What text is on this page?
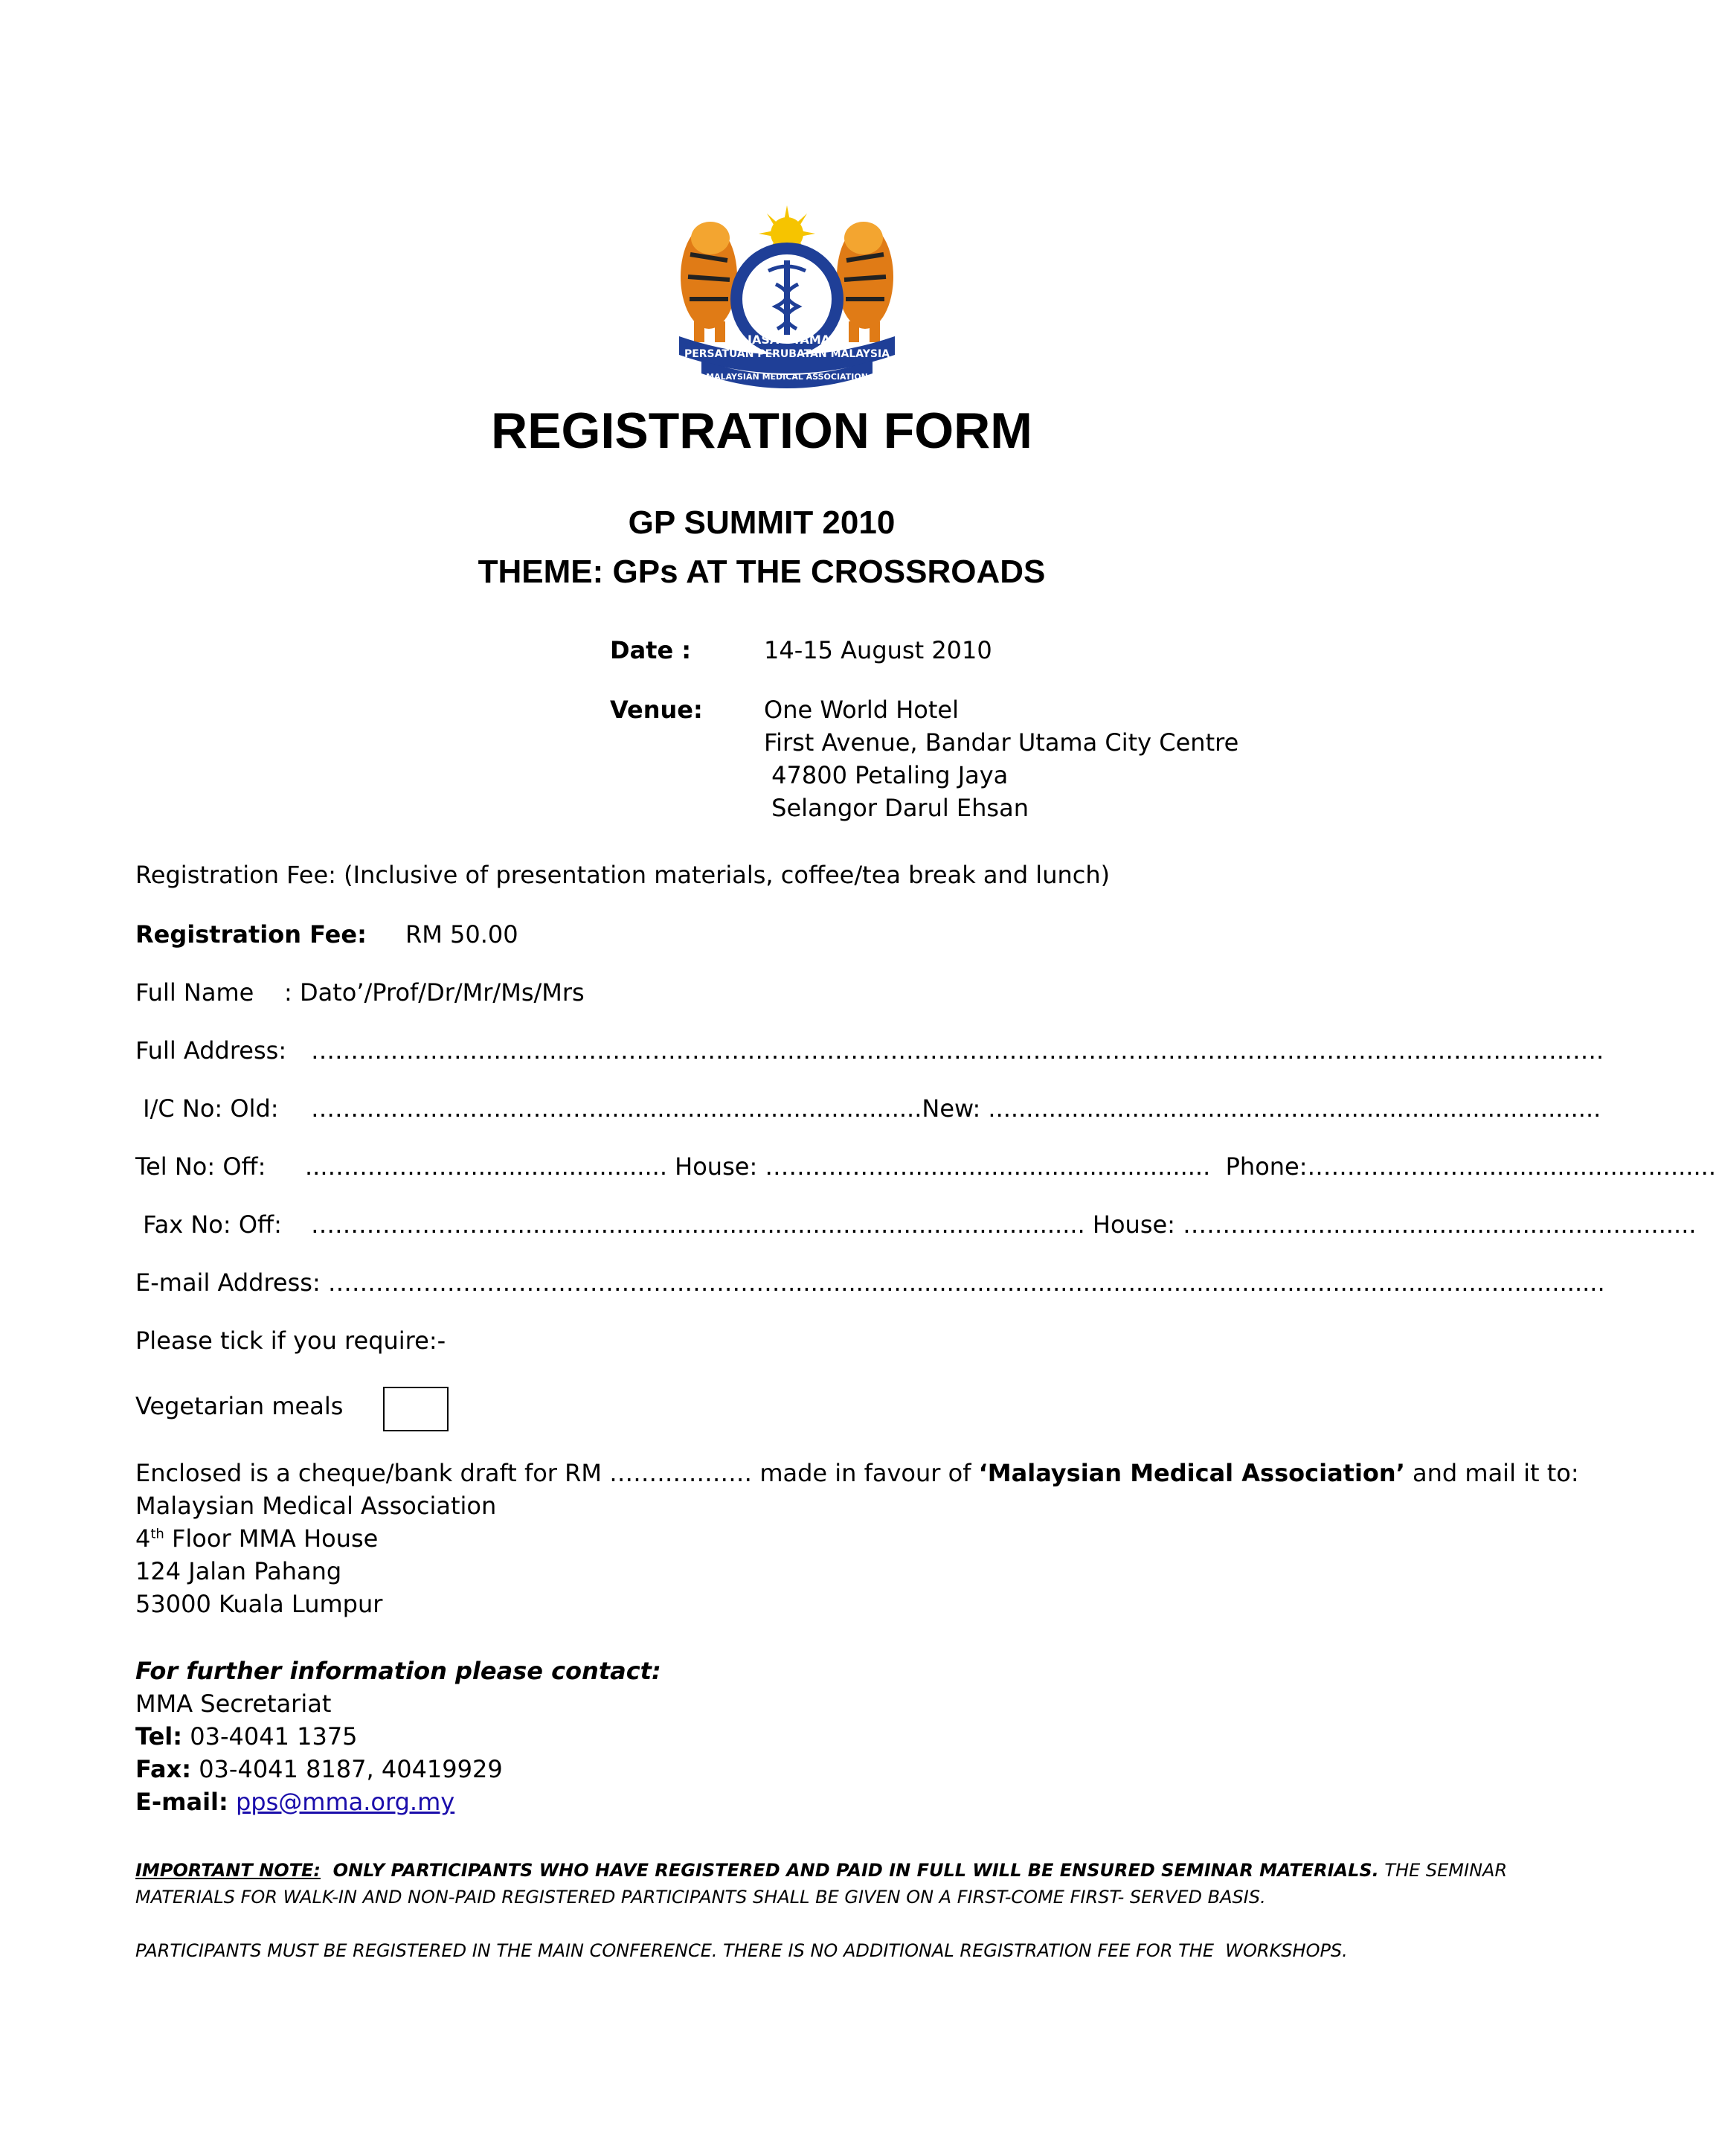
JASA UTAMA
PERSATUAN PERUBATAN MALAYSIA
MALAYSIAN MEDICAL ASSOCIATION
REGISTRATION FORM
GP SUMMIT 2010
THEME: GPs AT THE CROSSROADS
Date :	14-15 August 2010
Venue:	One World Hotel
First Avenue, Bandar Utama City Centre
47800 Petaling Jaya
Selangor Darul Ehsan
Registration Fee: (Inclusive of presentation materials, coffee/tea break and lunch)
Registration Fee: RM 50.00
Full Name    : Dato’/Prof/Dr/Mr/Ms/Mrs
Full Address: ……………………………………………………………………………………………………………………………………………….
I/C No: Old: ………………………………...........................................New: .................................................................................
Tel No: Off: ...……………….......................... House: ………………........................................  Phone:…………………................................
Fax No: Off: ……………………….......................................................................... House: ……………….................................................
E-mail Address: …………………………………….……………............................................................................................................
Please tick if you require:-
Vegetarian meals
Enclosed is a cheque/bank draft for RM ……………… made in favour of ‘Malaysian Medical Association’ and mail it to:
Malaysian Medical Association
4th Floor MMA House
124 Jalan Pahang
53000 Kuala Lumpur
For further information please contact:
MMA Secretariat
Tel: 03-4041 1375
Fax: 03-4041 8187, 40419929
E-mail: pps@mma.org.my
IMPORTANT NOTE:  ONLY PARTICIPANTS WHO HAVE REGISTERED AND PAID IN FULL WILL BE ENSURED SEMINAR MATERIALS. THE SEMINAR
MATERIALS FOR WALK-IN AND NON-PAID REGISTERED PARTICIPANTS SHALL BE GIVEN ON A FIRST-COME FIRST- SERVED BASIS.
PARTICIPANTS MUST BE REGISTERED IN THE MAIN CONFERENCE. THERE IS NO ADDITIONAL REGISTRATION FEE FOR THE  WORKSHOPS.
